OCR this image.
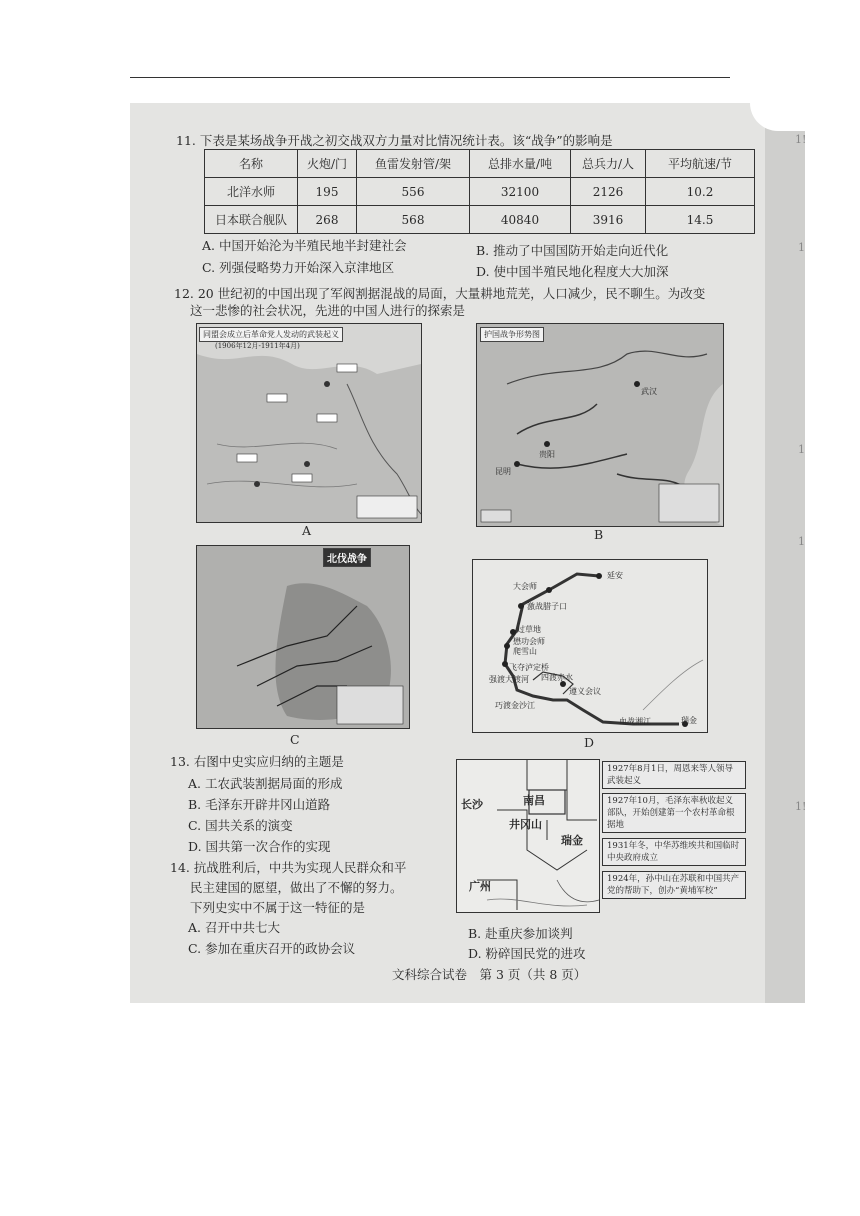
1!
1
1
1
1!
11. 下表是某场战争开战之初交战双方力量对比情况统计表。该“战争”的影响是
名称	火炮/门	鱼雷发射管/架	总排水量/吨	总兵力/人	平均航速/节
北洋水师	195	556	32100	2126	10.2
日本联合舰队	268	568	40840	3916	14.5
A. 中国开始沦为半殖民地半封建社会	B. 推动了中国国防开始走向近代化
C. 列强侵略势力开始深入京津地区	D. 使中国半殖民地化程度大大加深
12. 20 世纪初的中国出现了军阀割据混战的局面，大量耕地荒芜，人口减少，民不聊生。为改变
这一悲惨的社会状况，先进的中国人进行的探索是
同盟会成立后革命党人发动的武装起义
(1906年12月-1911年4月)
A
护国战争形势图
贵阳
昆明
武汉
B
北伐战争
C
延安
大会师
激战腊子口
过草地
懋功会师
爬雪山
飞夺泸定桥
强渡大渡河 四渡赤水
遵义会议
巧渡金沙江
血战湘江	瑞金
D
13. 右图中史实应归纳的主题是
A. 工农武装割据局面的形成
B. 毛泽东开辟井冈山道路
C. 国共关系的演变
D. 国共第一次合作的实现
长沙	南昌
井冈山
瑞金
广州
1927年8月1日，周恩来等人领导武装起义
1927年10月，毛泽东率秋收起义部队，开始创建第一个农村革命根据地
1931年冬，中华苏维埃共和国临时中央政府成立
1924年，孙中山在苏联和中国共产党的帮助下，创办“黄埔军校”
14. 抗战胜利后，中共为实现人民群众和平
民主建国的愿望，做出了不懈的努力。
下列史实中不属于这一特征的是
A. 召开中共七大	B. 赴重庆参加谈判
C. 参加在重庆召开的政协会议	D. 粉碎国民党的进攻
文科综合试卷　第 3 页（共 8 页）
